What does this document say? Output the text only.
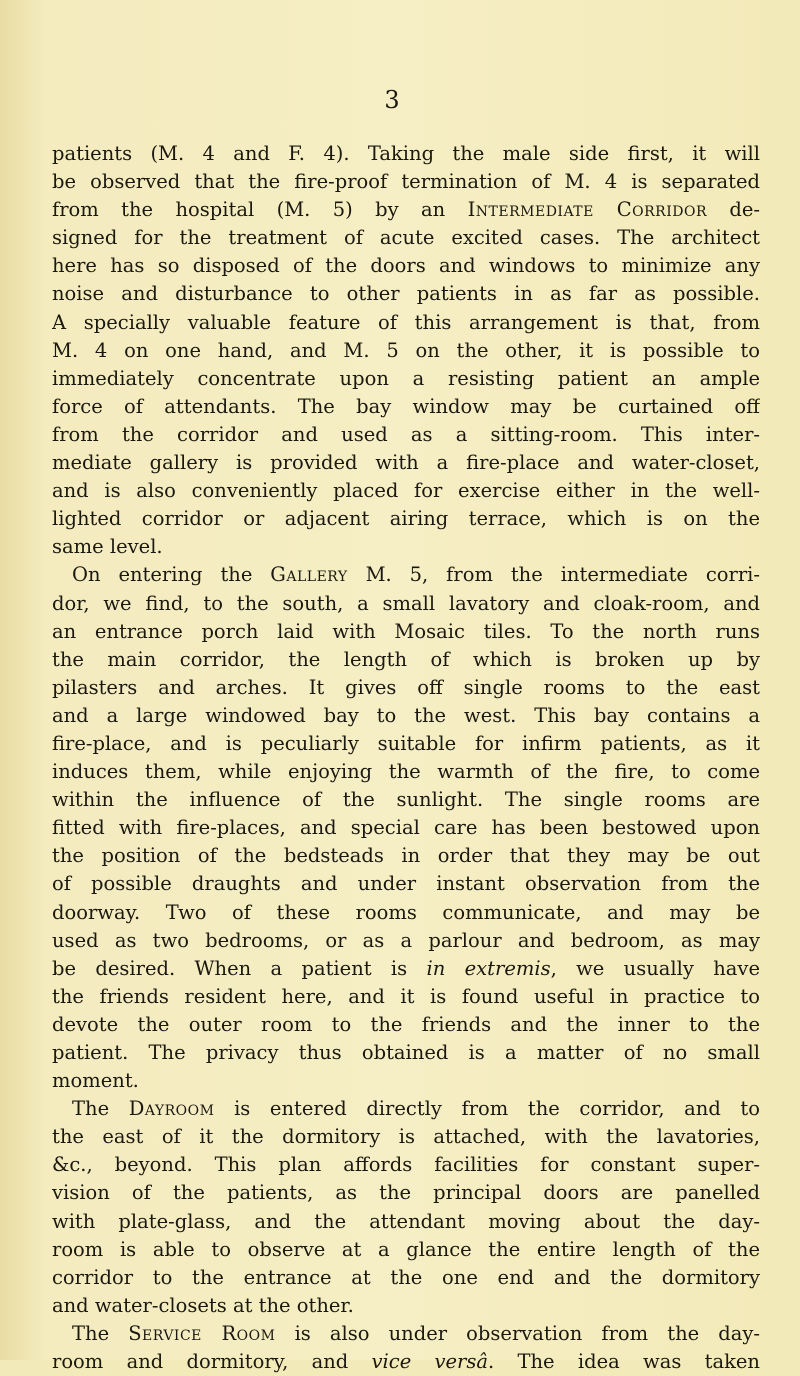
3
patients (M. 4 and F. 4). Taking the male side first, it will
be observed that the fire-proof termination of M. 4 is separated
from the hospital (M. 5) by an Intermediate Corridor de-
signed for the treatment of acute excited cases. The architect
here has so disposed of the doors and windows to minimize any
noise and disturbance to other patients in as far as possible.
A specially valuable feature of this arrangement is that, from
M. 4 on one hand, and M. 5 on the other, it is possible to
immediately concentrate upon a resisting patient an ample
force of attendants. The bay window may be curtained off
from the corridor and used as a sitting-room. This inter-
mediate gallery is provided with a fire-place and water-closet,
and is also conveniently placed for exercise either in the well-
lighted corridor or adjacent airing terrace, which is on the
same level.
On entering the Gallery M. 5, from the intermediate corri-
dor, we find, to the south, a small lavatory and cloak-room, and
an entrance porch laid with Mosaic tiles. To the north runs
the main corridor, the length of which is broken up by
pilasters and arches. It gives off single rooms to the east
and a large windowed bay to the west. This bay contains a
fire-place, and is peculiarly suitable for infirm patients, as it
induces them, while enjoying the warmth of the fire, to come
within the influence of the sunlight. The single rooms are
fitted with fire-places, and special care has been bestowed upon
the position of the bedsteads in order that they may be out
of possible draughts and under instant observation from the
doorway. Two of these rooms communicate, and may be
used as two bedrooms, or as a parlour and bedroom, as may
be desired. When a patient is in extremis, we usually have
the friends resident here, and it is found useful in practice to
devote the outer room to the friends and the inner to the
patient. The privacy thus obtained is a matter of no small
moment.
The Dayroom is entered directly from the corridor, and to
the east of it the dormitory is attached, with the lavatories,
&c., beyond. This plan affords facilities for constant super-
vision of the patients, as the principal doors are panelled
with plate-glass, and the attendant moving about the day-
room is able to observe at a glance the entire length of the
corridor to the entrance at the one end and the dormitory
and water-closets at the other.
The Service Room is also under observation from the day-
room and dormitory, and vice versâ. The idea was taken
